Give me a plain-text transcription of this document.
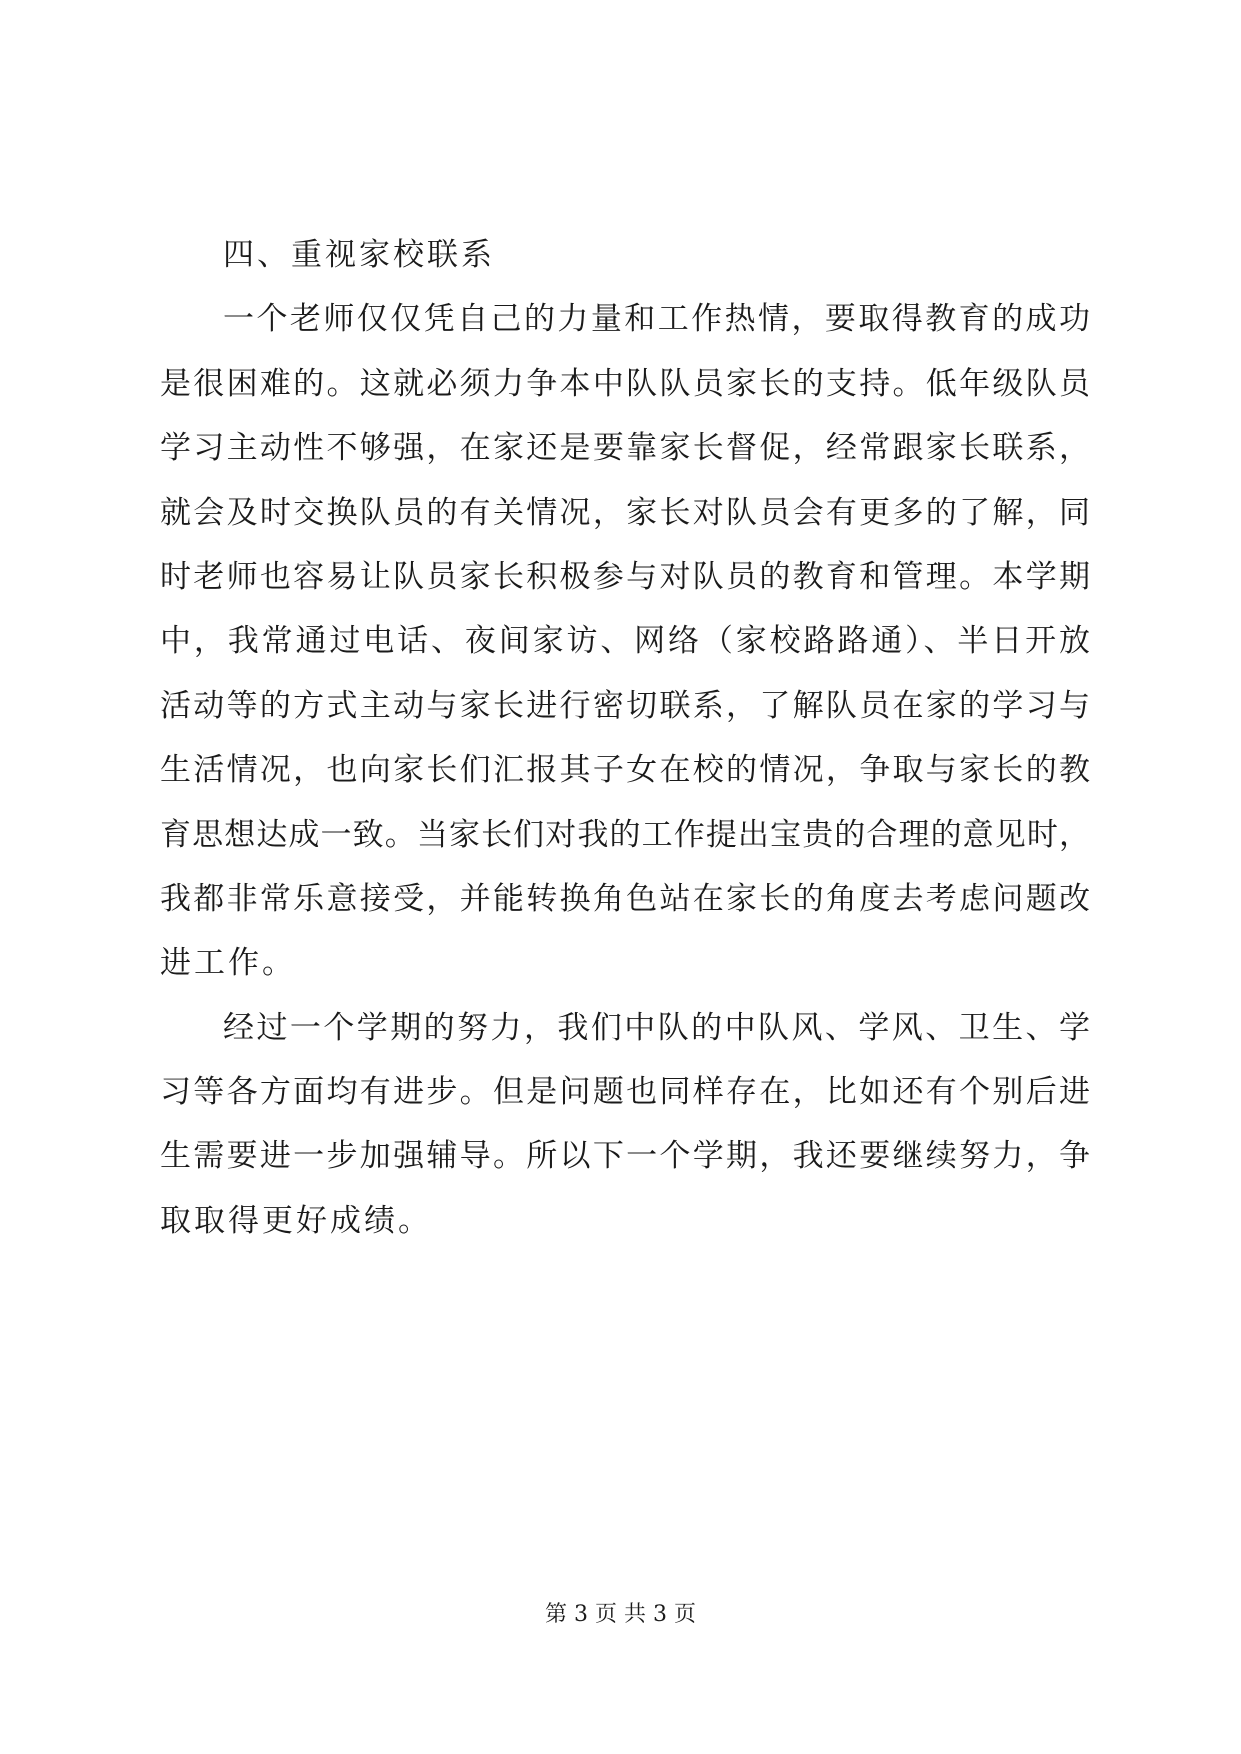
四、重视家校联系
一个老师仅仅凭自己的力量和工作热情，要取得教育的成功
是很困难的。这就必须力争本中队队员家长的支持。低年级队员
学习主动性不够强，在家还是要靠家长督促，经常跟家长联系，
就会及时交换队员的有关情况，家长对队员会有更多的了解，同
时老师也容易让队员家长积极参与对队员的教育和管理。本学期
中，我常通过电话、夜间家访、网络（家校路路通）、半日开放
活动等的方式主动与家长进行密切联系，了解队员在家的学习与
生活情况，也向家长们汇报其子女在校的情况，争取与家长的教
育思想达成一致。当家长们对我的工作提出宝贵的合理的意见时，
我都非常乐意接受，并能转换角色站在家长的角度去考虑问题改
进工作。
经过一个学期的努力，我们中队的中队风、学风、卫生、学
习等各方面均有进步。但是问题也同样存在，比如还有个别后进
生需要进一步加强辅导。所以下一个学期，我还要继续努力，争
取取得更好成绩。
第 3 页 共 3 页
